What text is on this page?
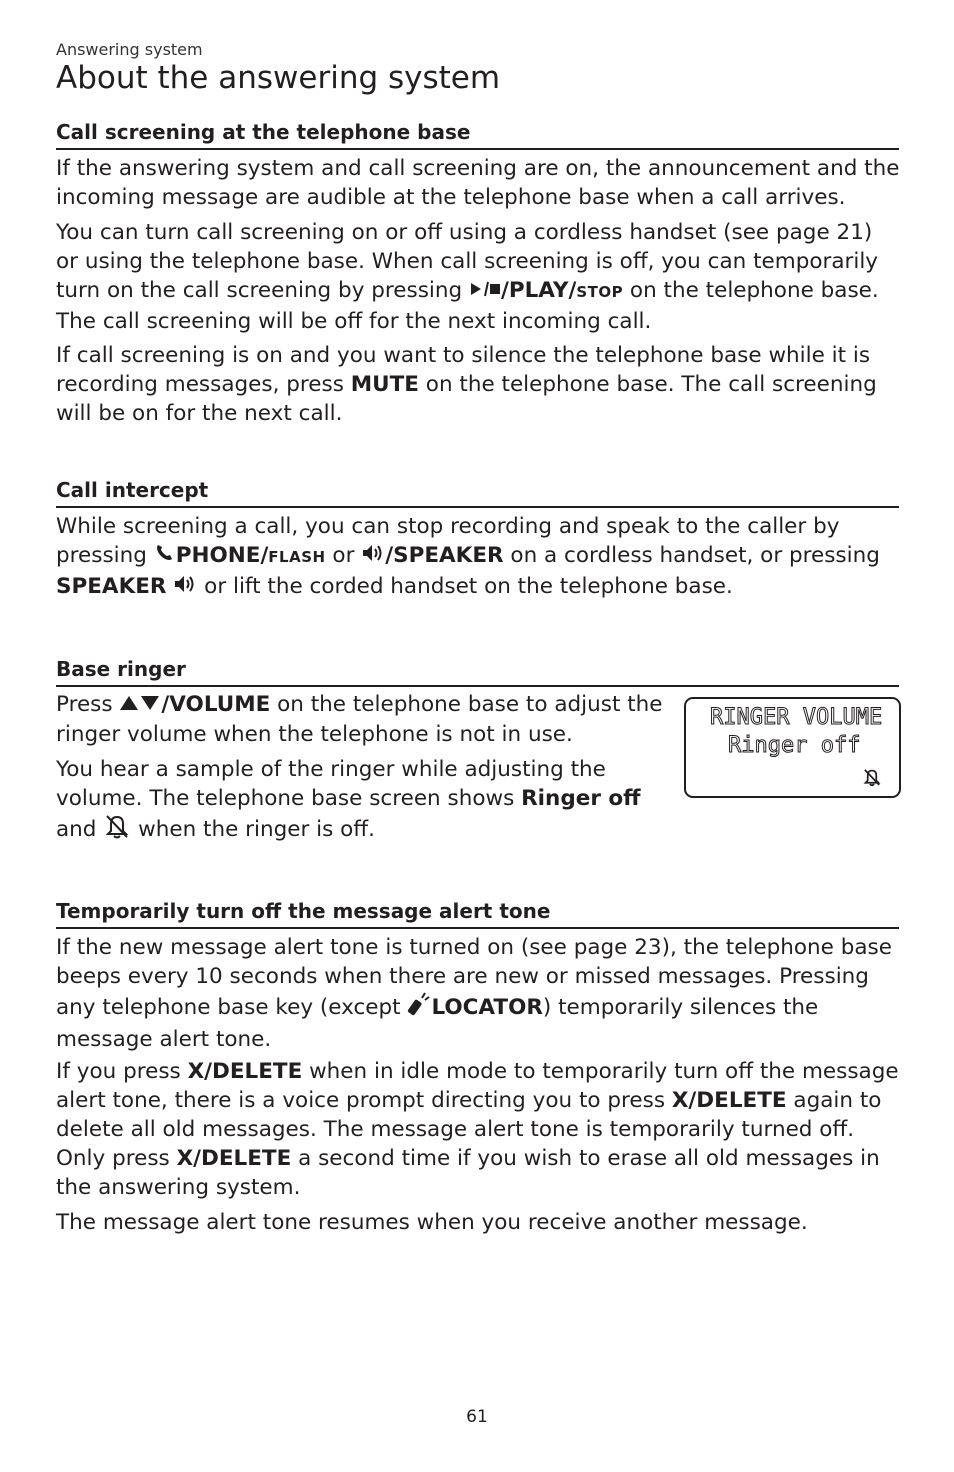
Answering system
About the answering system
Call screening at the telephone base

If the answering system and call screening are on, the announcement and the incoming message are audible at the telephone base when a call arrives.

You can turn call screening on or off using a cordless handset (see page 21) or using the telephone base. When call screening is off, you can temporarily turn on the call screening by pressing /PLAY/STOP on the telephone base. The call screening will be off for the next incoming call.

If call screening is on and you want to silence the telephone base while it is recording messages, press MUTE on the telephone base. The call screening will be on for the next call.

Call intercept

While screening a call, you can stop recording and speak to the caller by pressing PHONE/FLASH or /SPEAKER on a cordless handset, or pressing SPEAKER  or lift the corded handset on the telephone base.

Base ringer

Press /VOLUME on the telephone base to adjust the ringer volume when the telephone is not in use.

You hear a sample of the ringer while adjusting the volume. The telephone base screen shows Ringer off and  when the ringer is off.

RINGER VOLUME
Ringer off
Temporarily turn off the message alert tone

If the new message alert tone is turned on (see page 23), the telephone base beeps every 10 seconds when there are new or missed messages. Pressing any telephone base key (except LOCATOR) temporarily silences the message alert tone.

If you press X/DELETE when in idle mode to temporarily turn off the message alert tone, there is a voice prompt directing you to press X/DELETE again to delete all old messages. The message alert tone is temporarily turned off. Only press X/DELETE a second time if you wish to erase all old messages in the answering system.

The message alert tone resumes when you receive another message.

61
